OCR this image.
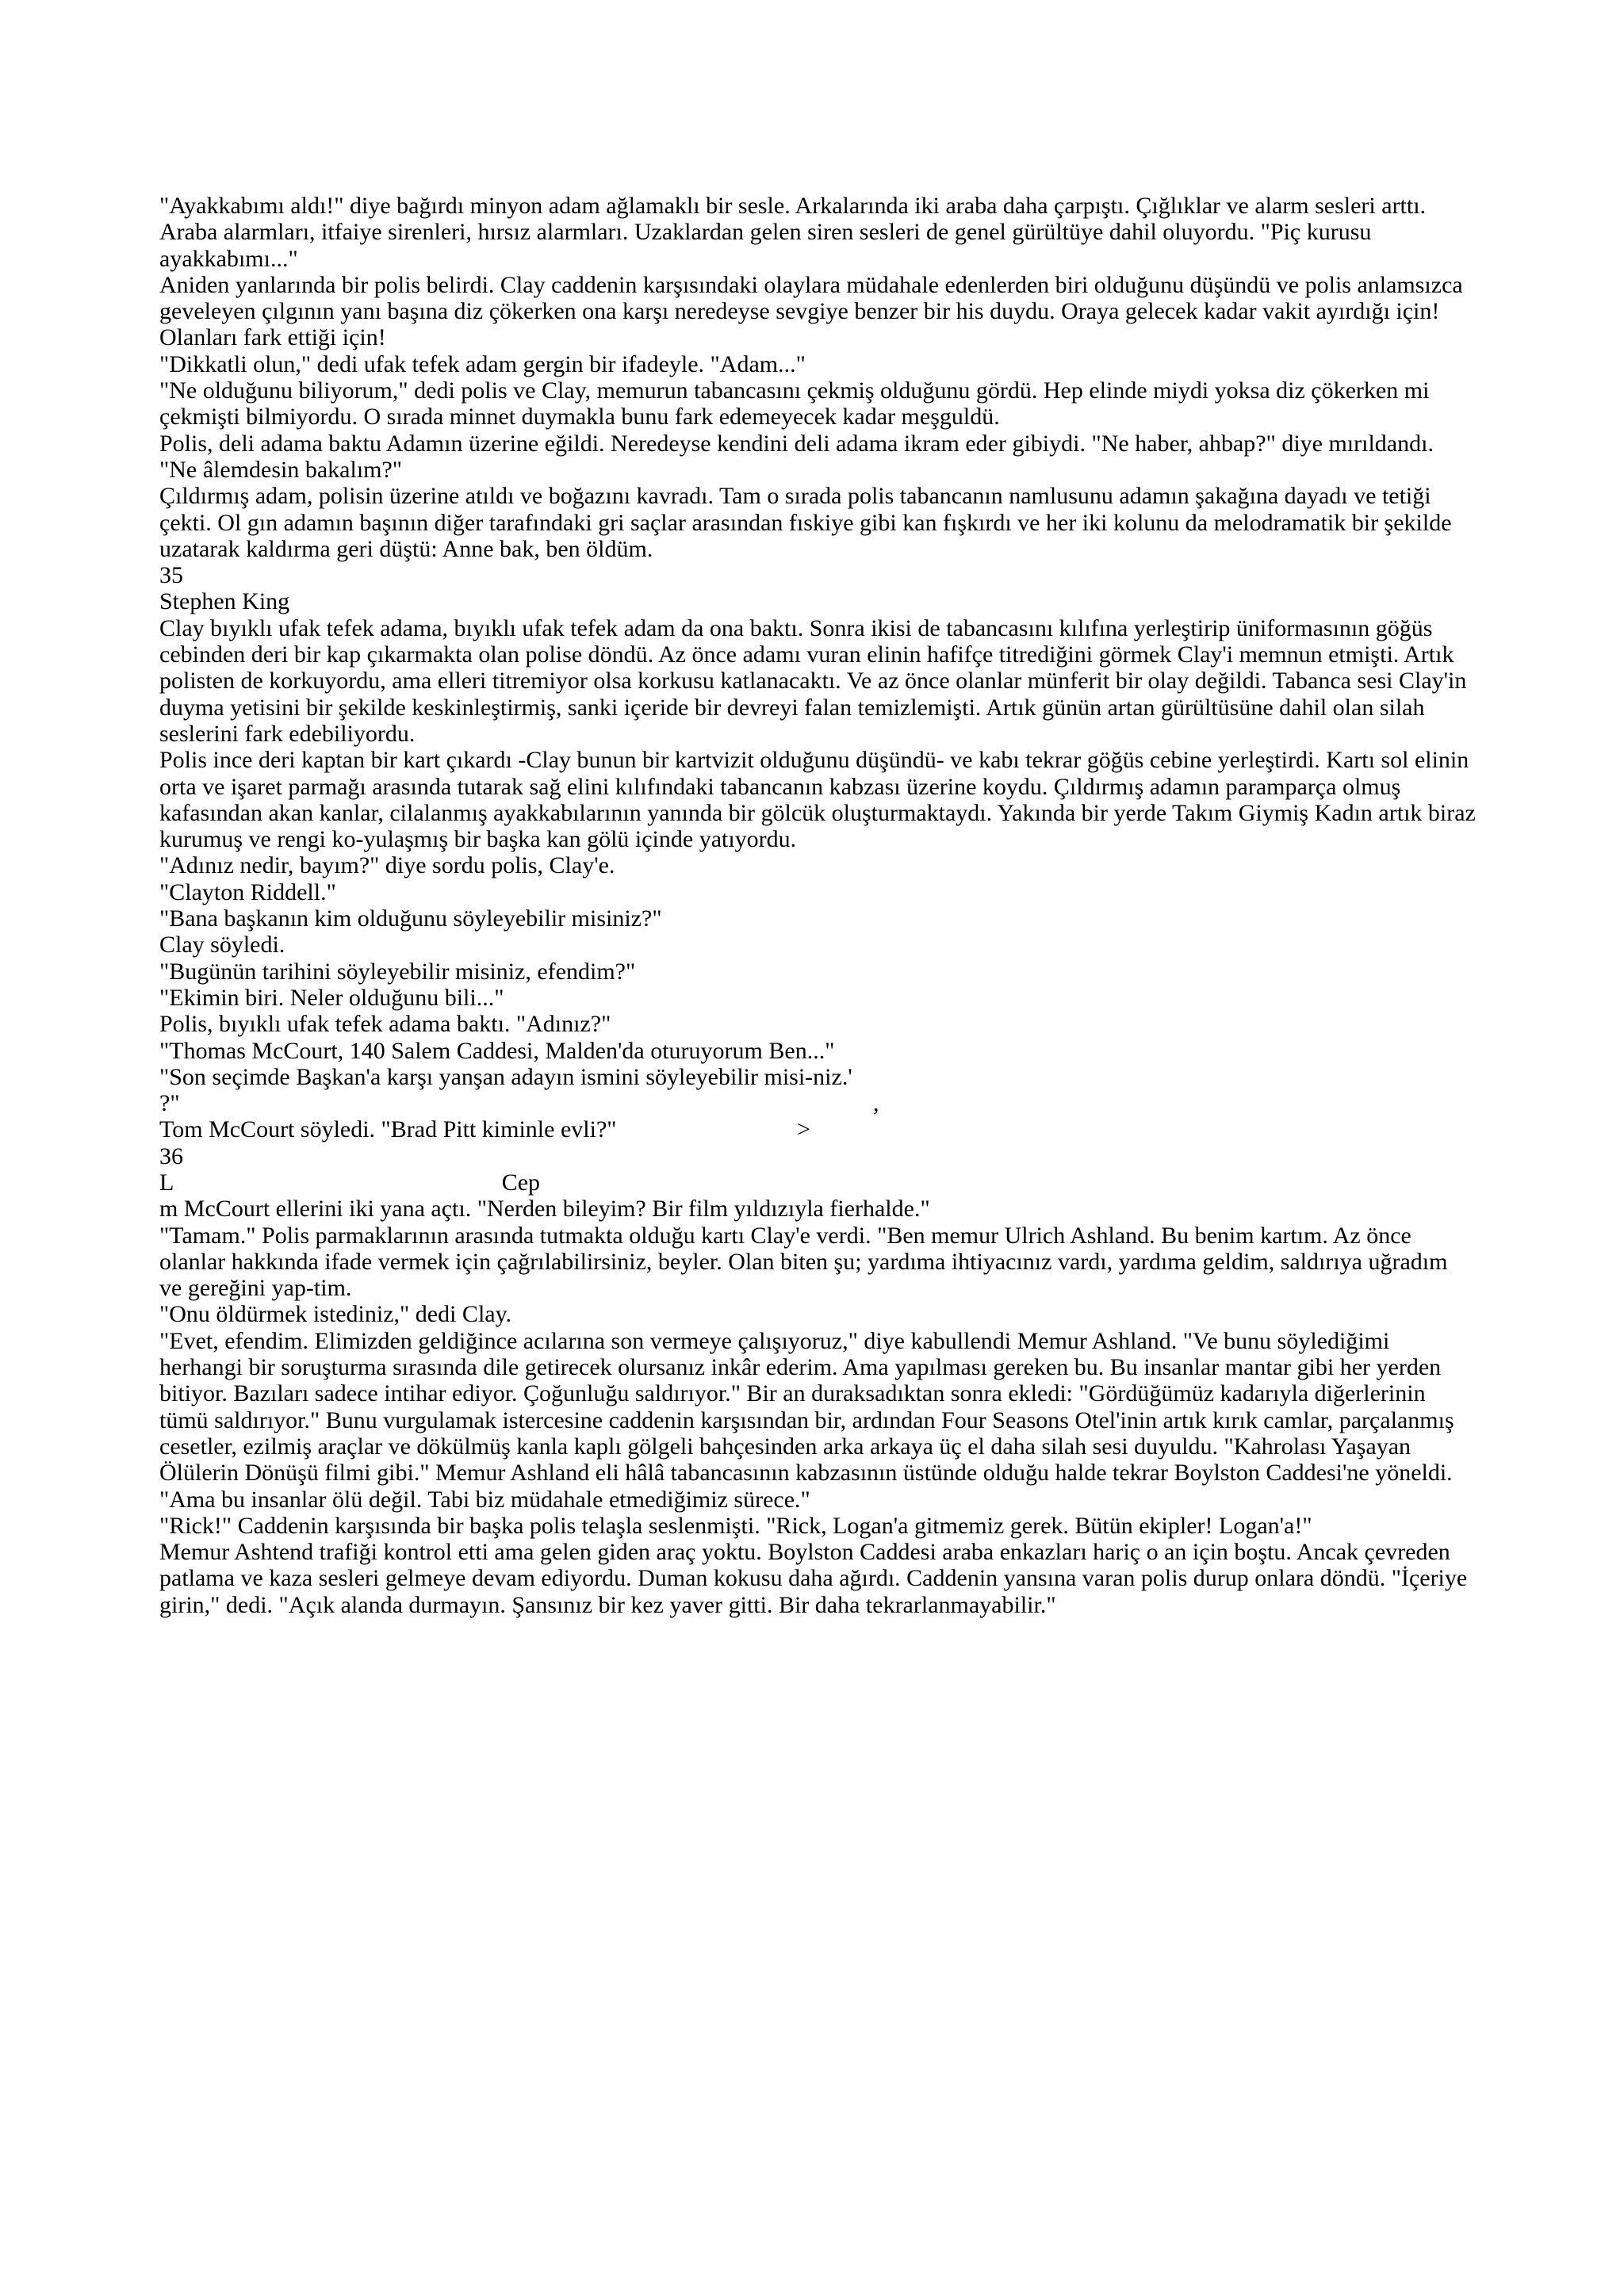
"Ayakkabımı aldı!" diye bağırdı minyon adam ağlamaklı bir sesle. Arkalarında iki araba daha çarpıştı. Çığlıklar ve alarm sesleri arttı. Araba alarmları, itfaiye sirenleri, hırsız alarmları. Uzaklardan gelen siren sesleri de genel gürültüye dahil oluyordu. "Piç kurusu ayakkabımı..."

Aniden yanlarında bir polis belirdi. Clay caddenin karşısındaki olaylara müdahale edenlerden biri olduğunu düşündü ve polis anlamsızca geveleyen çılgının yanı başına diz çökerken ona karşı neredeyse sevgiye benzer bir his duydu. Oraya gelecek kadar vakit ayırdığı için! Olanları fark ettiği için!

"Dikkatli olun," dedi ufak tefek adam gergin bir ifadeyle. "Adam..."

"Ne olduğunu biliyorum," dedi polis ve Clay, memurun tabancasını çekmiş olduğunu gördü. Hep elinde miydi yoksa diz çökerken mi çekmişti bilmiyordu. O sırada minnet duymakla bunu fark edemeyecek kadar meşguldü.

Polis, deli adama baktu Adamın üzerine eğildi. Neredeyse kendini deli adama ikram eder gibiydi. "Ne haber, ahbap?" diye mırıldandı. "Ne âlemdesin bakalım?"

Çıldırmış adam, polisin üzerine atıldı ve boğazını kavradı. Tam o sırada polis tabancanın namlusunu adamın şakağına dayadı ve tetiği çekti. Ol gın adamın başının diğer tarafındaki gri saçlar arasından fıskiye gibi kan fışkırdı ve her iki kolunu da melodramatik bir şekilde uzatarak kaldırma geri düştü: Anne bak, ben öldüm.

35

Stephen King

Clay bıyıklı ufak tefek adama, bıyıklı ufak tefek adam da ona baktı. Sonra ikisi de tabancasını kılıfına yerleştirip üniformasının göğüs cebinden deri bir kap çıkarmakta olan polise döndü. Az önce adamı vuran elinin hafifçe titrediğini görmek Clay'i memnun etmişti. Artık polisten de korkuyordu, ama elleri titremiyor olsa korkusu katlanacaktı. Ve az önce olanlar münferit bir olay değildi. Tabanca sesi Clay'in duyma yetisini bir şekilde keskinleştirmiş, sanki içeride bir devreyi falan temizlemişti. Artık günün artan gürültüsüne dahil olan silah seslerini fark edebiliyordu.

Polis ince deri kaptan bir kart çıkardı -Clay bunun bir kartvizit olduğunu düşündü- ve kabı tekrar göğüs cebine yerleştirdi. Kartı sol elinin orta ve işaret parmağı arasında tutarak sağ elini kılıfındaki tabancanın kabzası üzerine koydu. Çıldırmış adamın paramparça olmuş kafasından akan kanlar, cilalanmış ayakkabılarının yanında bir gölcük oluşturmaktaydı. Yakında bir yerde Takım Giymiş Kadın artık biraz kurumuş ve rengi ko-yulaşmış bir başka kan gölü içinde yatıyordu.

"Adınız nedir, bayım?" diye sordu polis, Clay'e.

"Clayton Riddell."

"Bana başkanın kim olduğunu söyleyebilir misiniz?"

Clay söyledi.

"Bugünün tarihini söyleyebilir misiniz, efendim?"

"Ekimin biri. Neler olduğunu bili..."

Polis, bıyıklı ufak tefek adama baktı. "Adınız?"

"Thomas McCourt, 140 Salem Caddesi, Malden'da oturuyorum Ben..."

"Son seçimde Başkan'a karşı yanşan adayın ismini söyleyebilir misi-niz.'

?"

Tom McCourt söyledi. "Brad Pitt kiminle evli?"

36

L	Cep

m McCourt ellerini iki yana açtı. "Nerden bileyim? Bir film yıldızıyla fierhalde."

"Tamam." Polis parmaklarının arasında tutmakta olduğu kartı Clay'e verdi. "Ben memur Ulrich Ashland. Bu benim kartım. Az önce olanlar hakkında ifade vermek için çağrılabilirsiniz, beyler. Olan biten şu; yardıma ihtiyacınız vardı, yardıma geldim, saldırıya uğradım ve gereğini yap-tim.

"Onu öldürmek istediniz," dedi Clay.

"Evet, efendim. Elimizden geldiğince acılarına son vermeye çalışıyoruz," diye kabullendi Memur Ashland. "Ve bunu söylediğimi herhangi bir soruşturma sırasında dile getirecek olursanız inkâr ederim. Ama yapılması gereken bu. Bu insanlar mantar gibi her yerden bitiyor. Bazıları sadece intihar ediyor. Çoğunluğu saldırıyor." Bir an duraksadıktan sonra ekledi: "Gördüğümüz kadarıyla diğerlerinin tümü saldırıyor." Bunu vurgulamak istercesine caddenin karşısından bir, ardından Four Seasons Otel'inin artık kırık camlar, parçalanmış cesetler, ezilmiş araçlar ve dökülmüş kanla kaplı gölgeli bahçesinden arka arkaya üç el daha silah sesi duyuldu. "Kahrolası Yaşayan Ölülerin Dönüşü filmi gibi." Memur Ashland eli hâlâ tabancasının kabzasının üstünde olduğu halde tekrar Boylston Caddesi'ne yöneldi. "Ama bu insanlar ölü değil. Tabi biz müdahale etmediğimiz sürece."

"Rick!" Caddenin karşısında bir başka polis telaşla seslenmişti. "Rick, Logan'a gitmemiz gerek. Bütün ekipler! Logan'a!"

Memur Ashtend trafiği kontrol etti ama gelen giden araç yoktu. Boylston Caddesi araba enkazları hariç o an için boştu. Ancak çevreden patlama ve kaza sesleri gelmeye devam ediyordu. Duman kokusu daha ağırdı. Caddenin yansına varan polis durup onlara döndü. "İçeriye girin," dedi. "Açık alanda durmayın. Şansınız bir kez yaver gitti. Bir daha tekrarlanmayabilir."

,
>
